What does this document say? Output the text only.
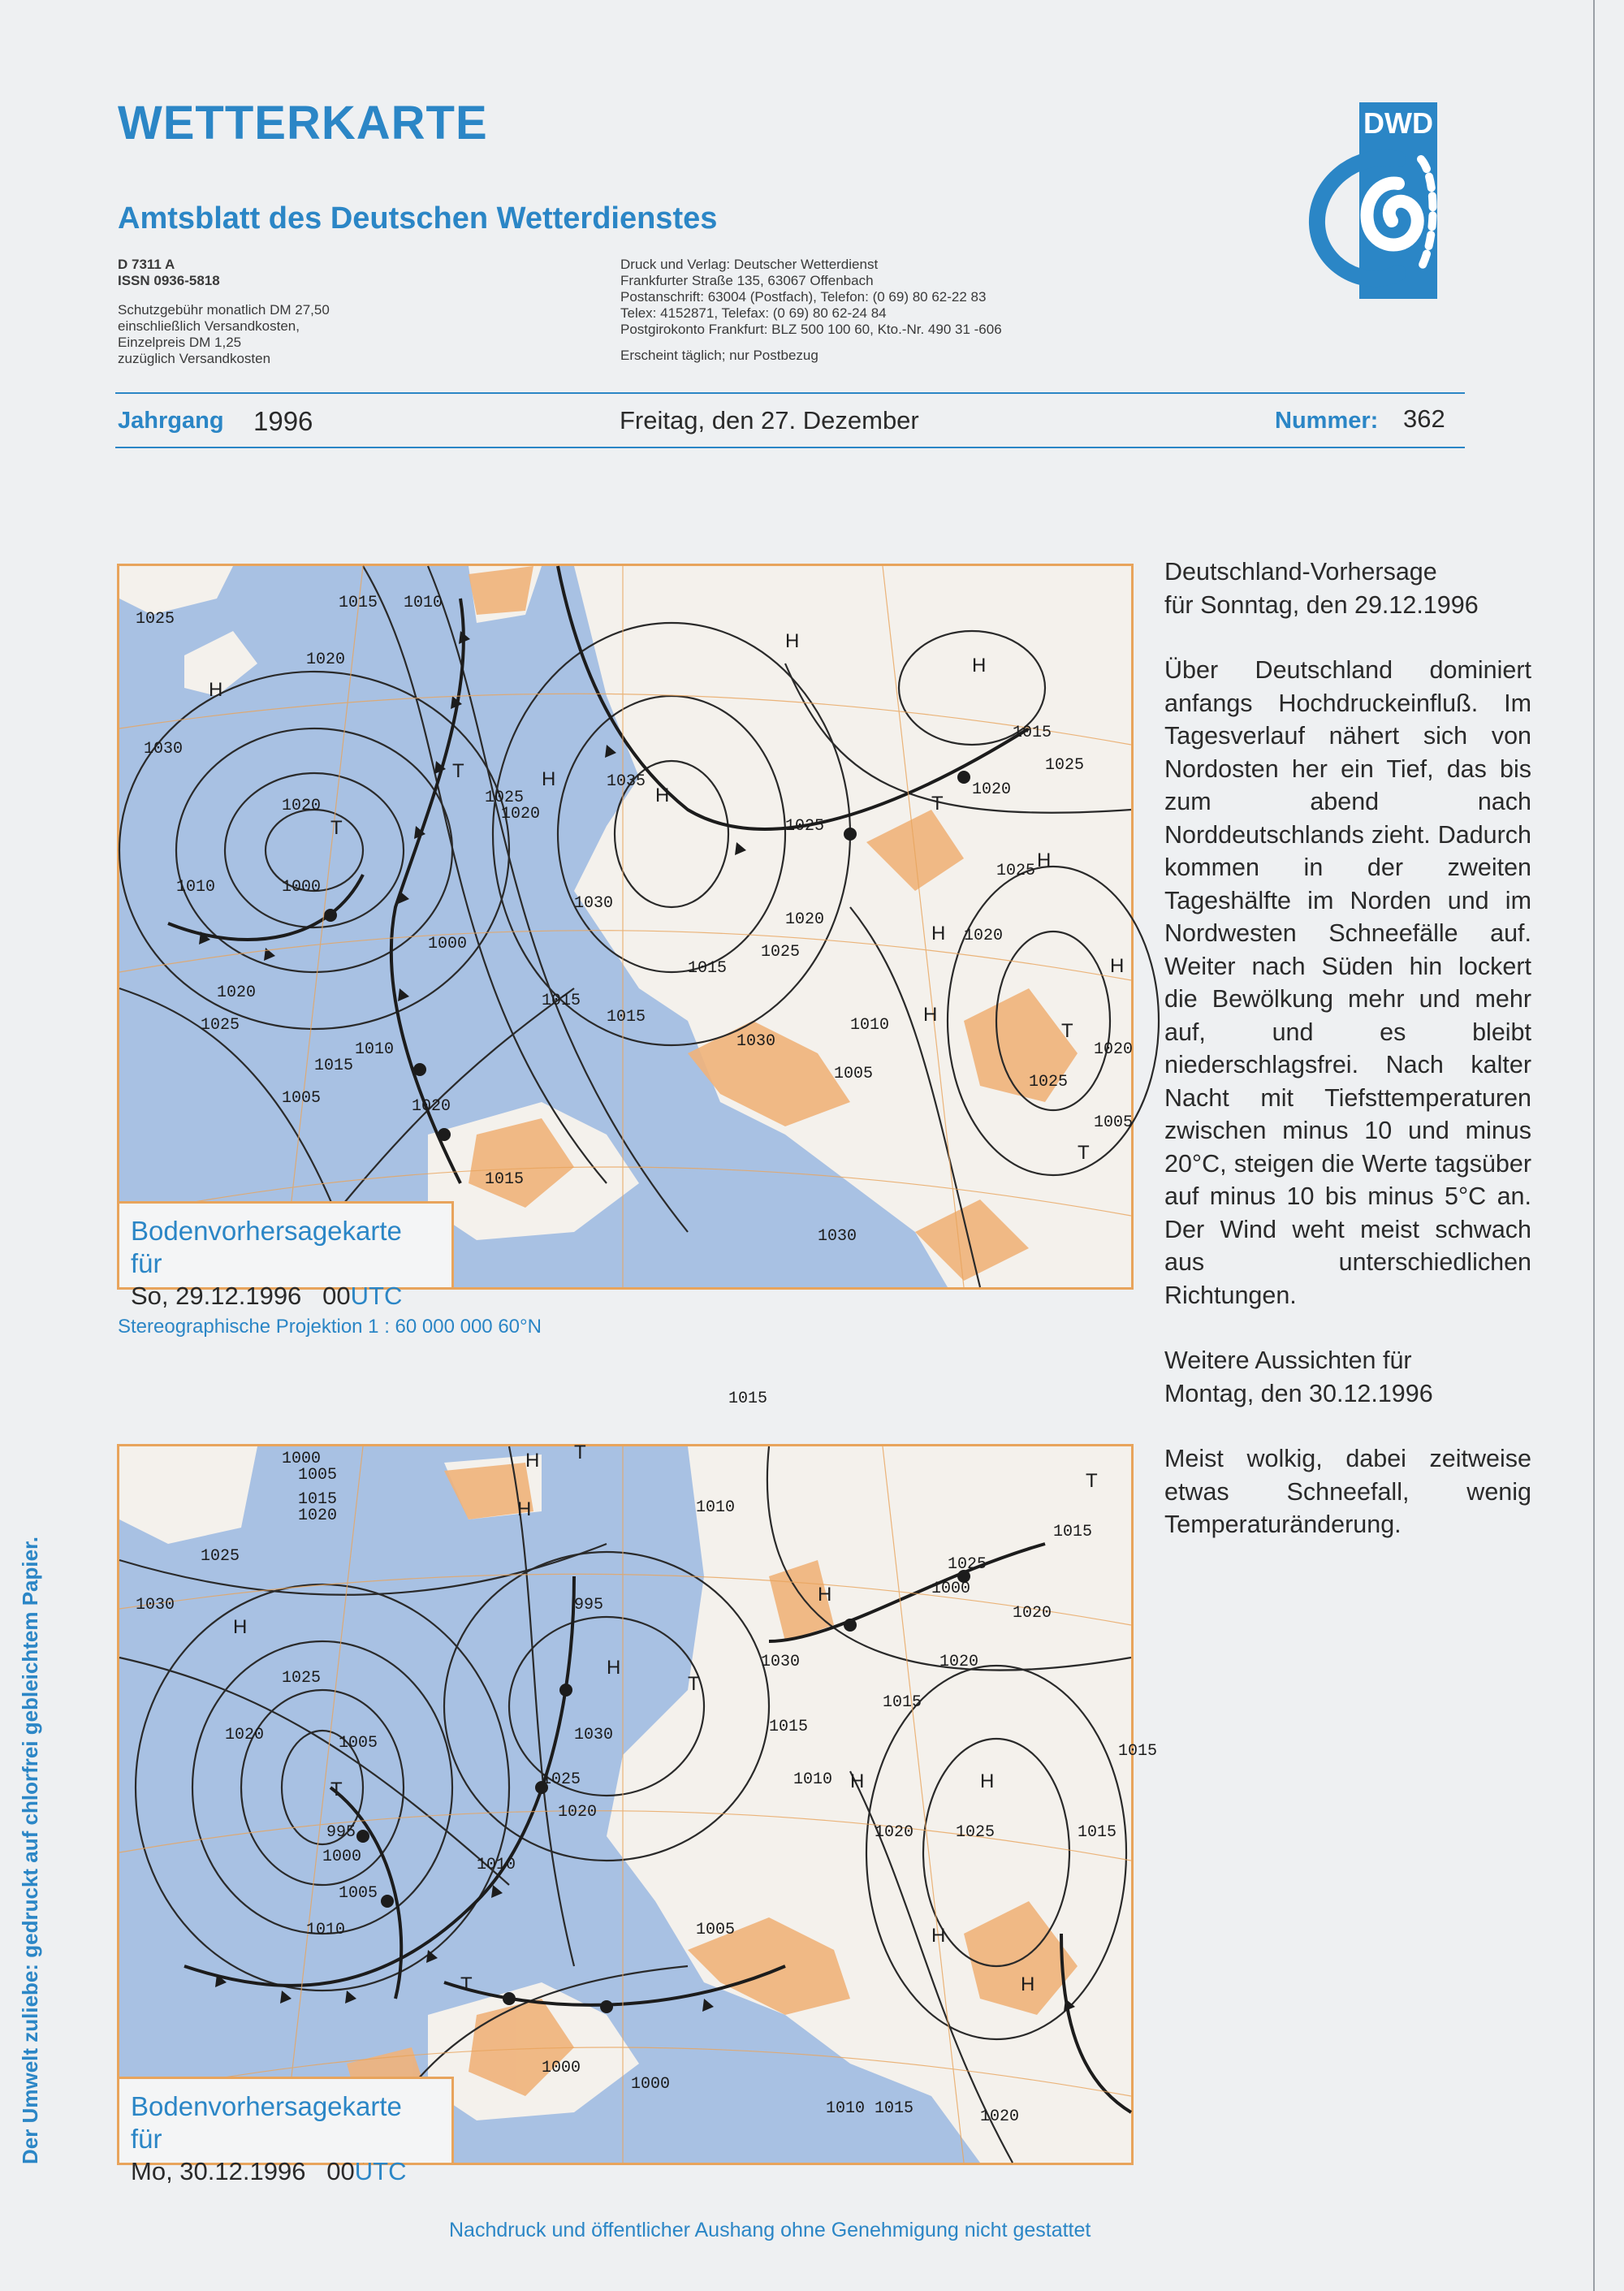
WETTERKARTE
Amtsblatt des Deutschen Wetterdienstes
D 7311 A
ISSN 0936-5818
Schutzgebühr monatlich DM 27,50
einschließlich Versandkosten,
Einzelpreis DM 1,25
zuzüglich Versandkosten
Druck und Verlag: Deutscher Wetterdienst
Frankfurter Straße 135, 63067 Offenbach
Postanschrift: 63004 (Postfach), Telefon: (0 69) 80 62-22 83
Telex: 4152871, Telefax: (0 69) 80 62-24 84
Postgirokonto Frankfurt: BLZ 500 100 60, Kto.-Nr. 490 31 -606
Erscheint täglich; nur Postbezug
DWD
Jahrgang 1996	Freitag, den 27. Dezember	Nummer: 362
1025
1015 1010
1020
1030
1020
1010	1000
1025
1020
1015
1005
1010
1020
1025
1035
1020
1030
1015
1015
1025
1020
1015
1025
1030
1000
1010
1015
1020
1005	1025
1015
1030
1020
1025
1005
1025
1020
1015
H
T
H
H
T
H
H
T
H
H
T
H
H
T
Bodenvorhersagekarte für
So, 29.12.1996 00UTC
Stereographische Projektion 1 : 60 000 000 60°N
1000
1005
1015
1020
1025
1030
1025
1020	1005
995
1000
1005
1010
1030
1025
1020
1010
995
1000
1010
1030
1015
1010
1005
1000
1000
1015
1020
1025
1020
1015
1025
1020
1015
1015
1010 1015	1020
H
H
T
H
H
T
H
T
H	H
T
H
T
H
Bodenvorhersagekarte für
Mo, 30.12.1996 00UTC

Deutschland-Vorhersage
für Sonntag, den 29.12.1996

Über Deutschland dominiert anfangs Hochdruckeinfluß. Im Tagesverlauf nähert sich von Nordosten her ein Tief, das bis zum abend nach Norddeutschlands zieht. Dadurch kommen in der zweiten Tageshälfte im Norden und im Nordwesten Schneefälle auf. Weiter nach Süden hin lockert die Bewölkung mehr und mehr auf, und es bleibt niederschlagsfrei. Nach kalter Nacht mit Tiefsttemperaturen zwischen minus 10 und minus 20°C, steigen die Werte tagsüber auf minus 10 bis minus 5°C an. Der Wind weht meist schwach aus unterschiedlichen Richtungen.

Weitere Aussichten für
Montag, den 30.12.1996

Meist wolkig, dabei zeitweise etwas Schneefall, wenig Temperaturänderung.

Der Umwelt zuliebe: gedruckt auf chlorfrei gebleichtem Papier.
Nachdruck und öffentlicher Aushang ohne Genehmigung nicht gestattet
